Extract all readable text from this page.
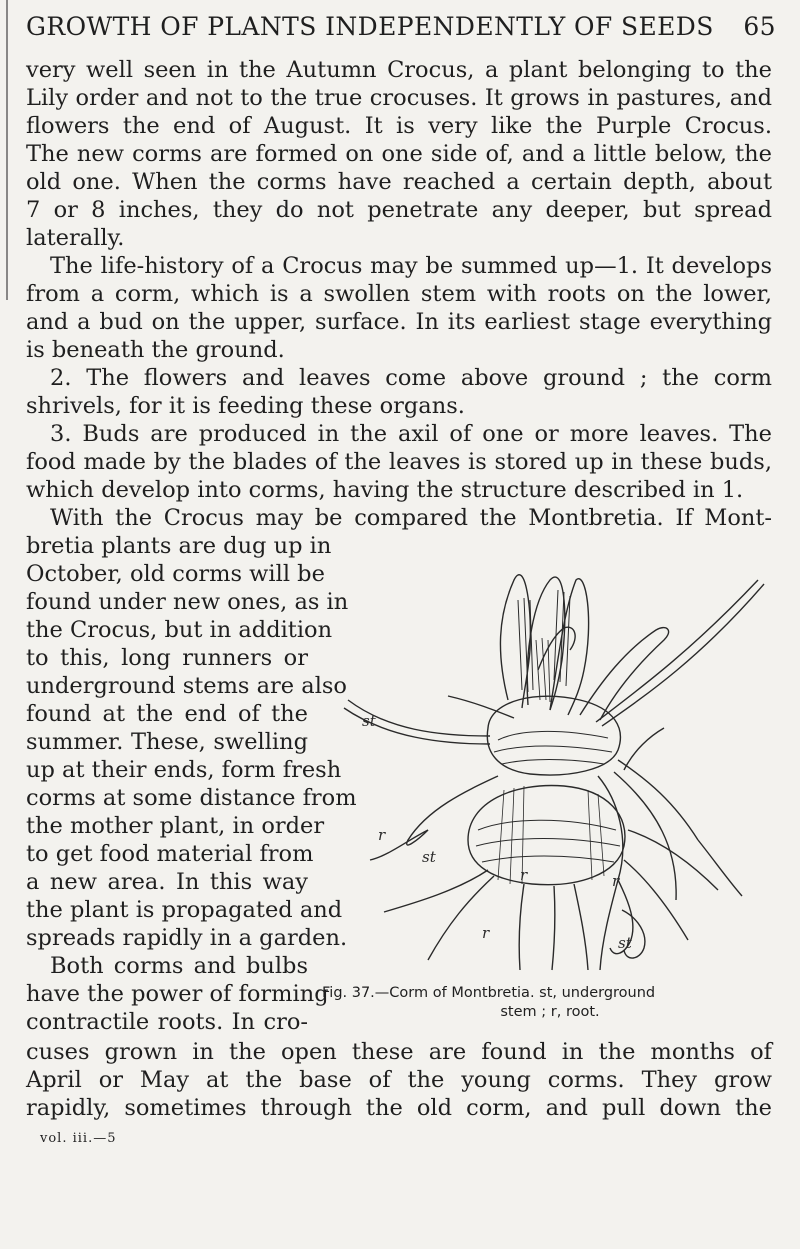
GROWTH OF PLANTS INDEPENDENTLY OF SEEDS 65
very well seen in the Autumn Crocus, a plant belonging to the
Lily order and not to the true crocuses. It grows in pastures, and
flowers the end of August. It is very like the Purple Crocus.
The new corms are formed on one side of, and a little below, the
old one. When the corms have reached a certain depth, about
7 or 8 inches, they do not penetrate any deeper, but spread
laterally.
The life-history of a Crocus may be summed up—1. It develops
from a corm, which is a swollen stem with roots on the lower,
and a bud on the upper, surface. In its earliest stage everything
is beneath the ground.
2. The flowers and leaves come above ground ; the corm
shrivels, for it is feeding these organs.
3. Buds are produced in the axil of one or more leaves. The
food made by the blades of the leaves is stored up in these buds,
which develop into corms, having the structure described in 1.
With the Crocus may be compared the Montbretia. If Mont-
bretia plants are dug up in
October, old corms will be
found under new ones, as in
the Crocus, but in addition
to this, long runners or
underground stems are also
found at the end of the
summer. These, swelling
up at their ends, form fresh
corms at some distance from
the mother plant, in order
to get food material from
a new area. In this way
the plant is propagated and
spreads rapidly in a garden.
Both corms and bulbs
have the power of forming
contractile roots. In cro-
cuses grown in the open these are found in the months of
April or May at the base of the young corms. They grow
rapidly, sometimes through the old corm, and pull down the
st
st
st
r
r
r
r
Fig. 37.—Corm of Montbretia. st, underground
stem ; r, root.
vol. iii.—5
